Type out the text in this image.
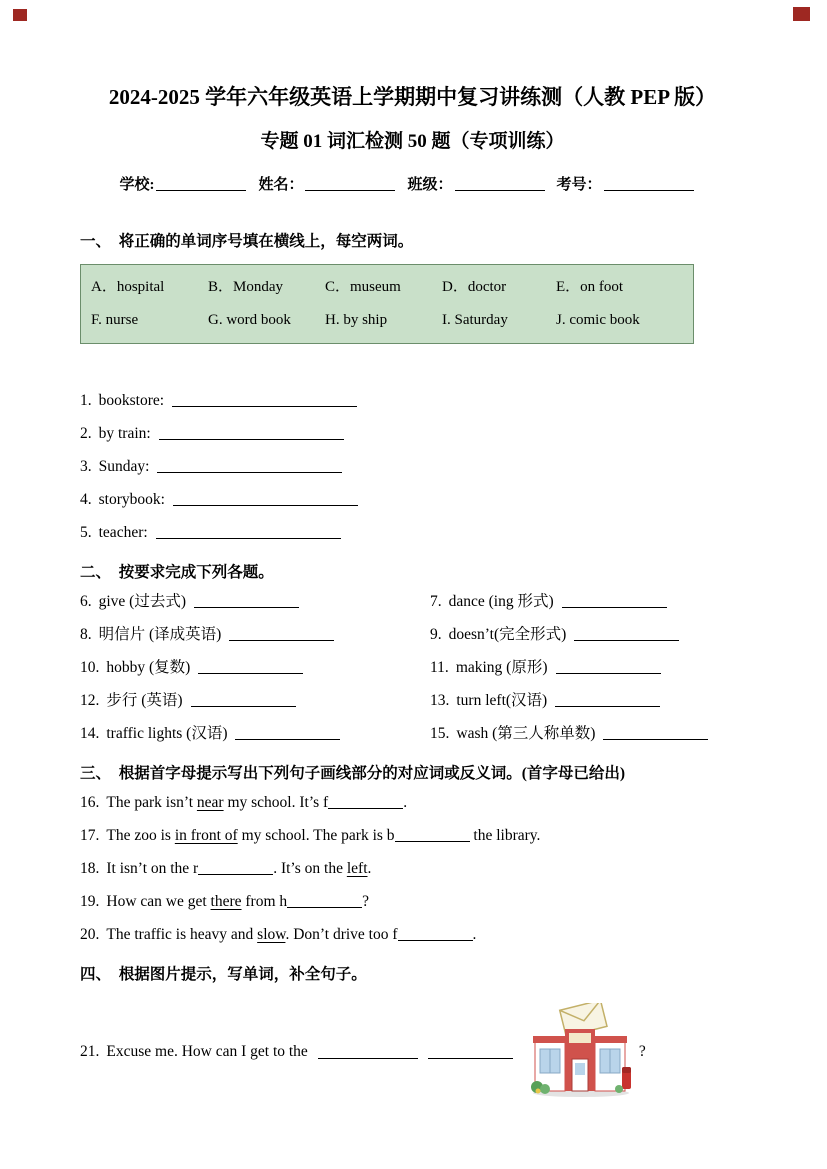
2024-2025 学年六年级英语上学期期中复习讲练测（人教 PEP 版）
专题 01 词汇检测 50 题（专项训练）
学校:	姓名：	班级：	考号：
一、　将正确的单词序号填在横线上，每空两词。
A．hospital	B．Monday	C．museum	D．doctor	E．on foot
F. nurse	G. word book	H. by ship	I. Saturday	J. comic book
1. bookstore:
2. by train:
3. Sunday:
4. storybook:
5. teacher:
二、　按要求完成下列各题。
6. give (过去式)	7. dance (ing 形式)
8. 明信片 (译成英语)	9. doesn’t(完全形式)
10. hobby (复数)	11. making (原形)
12. 步行 (英语)	13. turn left(汉语)
14. traffic lights (汉语)	15. wash (第三人称单数)
三、　根据首字母提示写出下列句子画线部分的对应词或反义词。(首字母已给出)
16. The park isn’t near my school. It’s f	.
17. The zoo is in front of my school. The park is b	the library.
18. It isn’t on the r	. It’s on the left.
19. How can we get there from h	?
20. The traffic is heavy and slow. Don’t drive too f	.
四、　根据图片提示，写单词，补全句子。
21. Excuse me. How can I get to the	?
